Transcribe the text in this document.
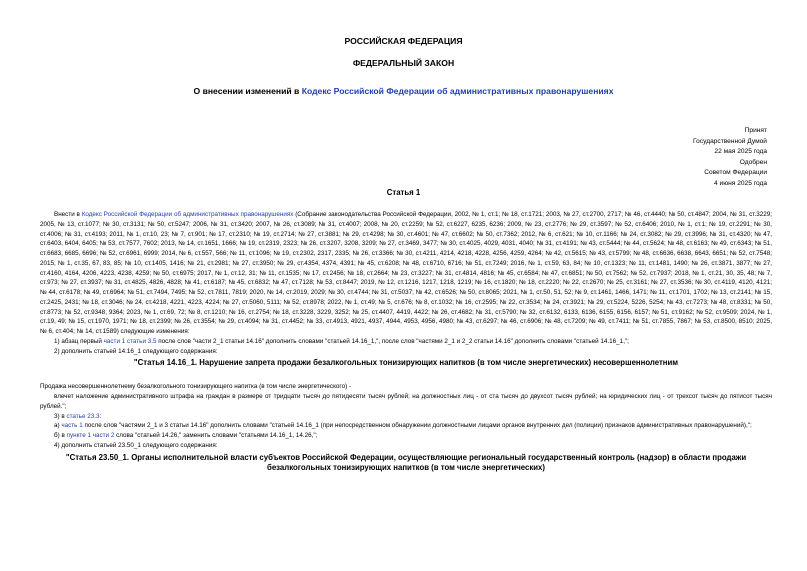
РОССИЙСКАЯ ФЕДЕРАЦИЯ
ФЕДЕРАЛЬНЫЙ ЗАКОН
О внесении изменений в Кодекс Российской Федерации об административных правонарушениях
Принят
Государственной Думой
22 мая 2025 года
Одобрен
Советом Федерации
4 июня 2025 года
Статья 1

Внести в Кодекс Российской Федерации об административных правонарушениях (Собрание законодательства Российской Федерации, 2002, № 1, ст.1; № 18, ст.1721; 2003, № 27, ст.2700, 2717; № 46, ст.4440; № 50, ст.4847; 2004, № 31, ст.3229; 2005, № 13, ст.1077; № 30, ст.3131; № 50, ст.5247; 2006, № 31, ст.3420; 2007, № 26, ст.3089; № 31, ст.4007; 2008, № 20, ст.2259; № 52, ст.6227, 6235, 6236; 2009, № 23, ст.2776; № 29, ст.3597; № 52, ст.6406; 2010, № 1, ст.1; № 19, ст.2291; № 30, ст.4006; № 31, ст.4193; 2011, № 1, ст.10, 23; № 7, ст.901; № 17, ст.2310; № 19, ст.2714; № 27, ст.3881; № 29, ст.4298; № 30, ст.4601; № 47, ст.6602; № 50, ст.7362; 2012, № 6, ст.621; № 10, ст.1166; № 24, ст.3082; № 29, ст.3996; № 31, ст.4320; № 47, ст.6403, 6404, 6405; № 53, ст.7577, 7602; 2013, № 14, ст.1651, 1666; № 19, ст.2319, 2323; № 26, ст.3207, 3208, 3209; № 27, ст.3469, 3477; № 30, ст.4025, 4029, 4031, 4040; № 31, ст.4191; № 43, ст.5444; № 44, ст.5624; № 48, ст.6163; № 49, ст.6343; № 51, ст.6683, 6685, 6696; № 52, ст.6961, 6999; 2014, № 6, ст.557, 566; № 11, ст.1096; № 19, ст.2302, 2317, 2335; № 26, ст.3366; № 30, ст.4211, 4214, 4218, 4228, 4256, 4259, 4264; № 42, ст.5615; № 43, ст.5799; № 48, ст.6636, 6638, 6643, 6651; № 52, ст.7548; 2015, № 1, ст.35, 67, 83, 85; № 10, ст.1405, 1416; № 21, ст.2981; № 27, ст.3950; № 29, ст.4354, 4374, 4391; № 45, ст.6208; № 48, ст.6710, 6716; № 51, ст.7249; 2016, № 1, ст.59, 63, 84; № 10, ст.1323; № 11, ст.1481, 1490; № 26, ст.3871, 3877; № 27, ст.4160, 4164, 4206, 4223, 4238, 4259; № 50, ст.6975; 2017, № 1, ст.12, 31; № 11, ст.1535; № 17, ст.2456; № 18, ст.2664; № 23, ст.3227; № 31, ст.4814, 4816; № 45, ст.6584; № 47, ст.6851; № 50, ст.7562; № 52, ст.7937; 2018, № 1, ст.21, 30, 35, 48; № 7, ст.973; № 27, ст.3937; № 31, ст.4825, 4826, 4828; № 41, ст.6187; № 45, ст.6832; № 47, ст.7128; № 53, ст.8447; 2019, № 12, ст.1216, 1217, 1218, 1219; № 16, ст.1820; № 18, ст.2220; № 22, ст.2670; № 25, ст.3161; № 27, ст.3536; № 30, ст.4119, 4120, 4121; № 44, ст.6178; № 49, ст.6964; № 51, ст.7494, 7495; № 52, ст.7811, 7819; 2020, № 14, ст.2019, 2029; № 30, ст.4744; № 31, ст.5037; № 42, ст.6526; № 50, ст.8065; 2021, № 1, ст.50, 51, 52; № 9, ст.1461, 1466, 1471; № 11, ст.1701, 1702; № 13, ст.2141; № 15, ст.2425, 2431; № 18, ст.3046; № 24, ст.4218, 4221, 4223, 4224; № 27, ст.5060, 5111; № 52, ст.8978; 2022, № 1, ст.49; № 5, ст.676; № 8, ст.1032; № 16, ст.2595; № 22, ст.3534; № 24, ст.3921; № 29, ст.5224, 5226, 5254; № 43, ст.7273; № 48, ст.8331; № 50, ст.8773; № 52, ст.9348, 9364; 2023, № 1, ст.69, 72; № 8, ст.1210; № 16, ст.2754; № 18, ст.3228, 3229, 3252; № 25, ст.4407, 4419, 4422; № 26, ст.4682; № 31, ст.5790; № 32, ст.6132, 6133, 6136, 6155, 6156, 6157; № 51, ст.9162; № 52, ст.9509; 2024, № 1, ст.19, 49; № 15, ст.1970, 1971; № 18, ст.2399; № 26, ст.3554; № 29, ст.4094; № 31, ст.4452; № 33, ст.4913, 4921, 4937, 4944, 4953, 4956, 4980; № 43, ст.6297; № 46, ст.6906; № 48, ст.7209; № 49, ст.7411; № 51, ст.7855, 7867; № 53, ст.8500, 8510; 2025, № 6, ст.404; № 14, ст.1589) следующие изменения:

1) абзац первый части 1 статьи 3.5 после слов "части 2_1 статьи 14.16" дополнить словами "статьей 14.16_1,", после слов "частями 2_1 и 2_2 статьи 14.16" дополнить словами "статьей 14.16_1,";

2) дополнить статьей 14.16_1 следующего содержания:

"Статья 14.16_1. Нарушение запрета продажи безалкогольных тонизирующих напитков (в том числе энергетических) несовершеннолетним

Продажа несовершеннолетнему безалкогольного тонизирующего напитка (в том числе энергетического) -

влечет наложение административного штрафа на граждан в размере от тридцати тысяч до пятидесяти тысяч рублей; на должностных лиц - от ста тысяч до двухсот тысяч рублей; на юридических лиц - от трехсот тысяч до пятисот тысяч рублей.";

3) в статье 23.3:

а) часть 1 после слов "частями 2_1 и 3 статьи 14.16" дополнить словами "статьей 14.16_1 (при непосредственном обнаружении должностными лицами органов внутренних дел (полиции) признаков административных правонарушений),";

б) в пункте 1 части 2 слова "статьей 14.26," заменить словами "статьями 14.16_1, 14.26,";

4) дополнить статьей 23.50_1 следующего содержания:

"Статья 23.50_1. Органы исполнительной власти субъектов Российской Федерации, осуществляющие региональный государственный контроль (надзор) в области продажи безалкогольных тонизирующих напитков (в том числе энергетических)
